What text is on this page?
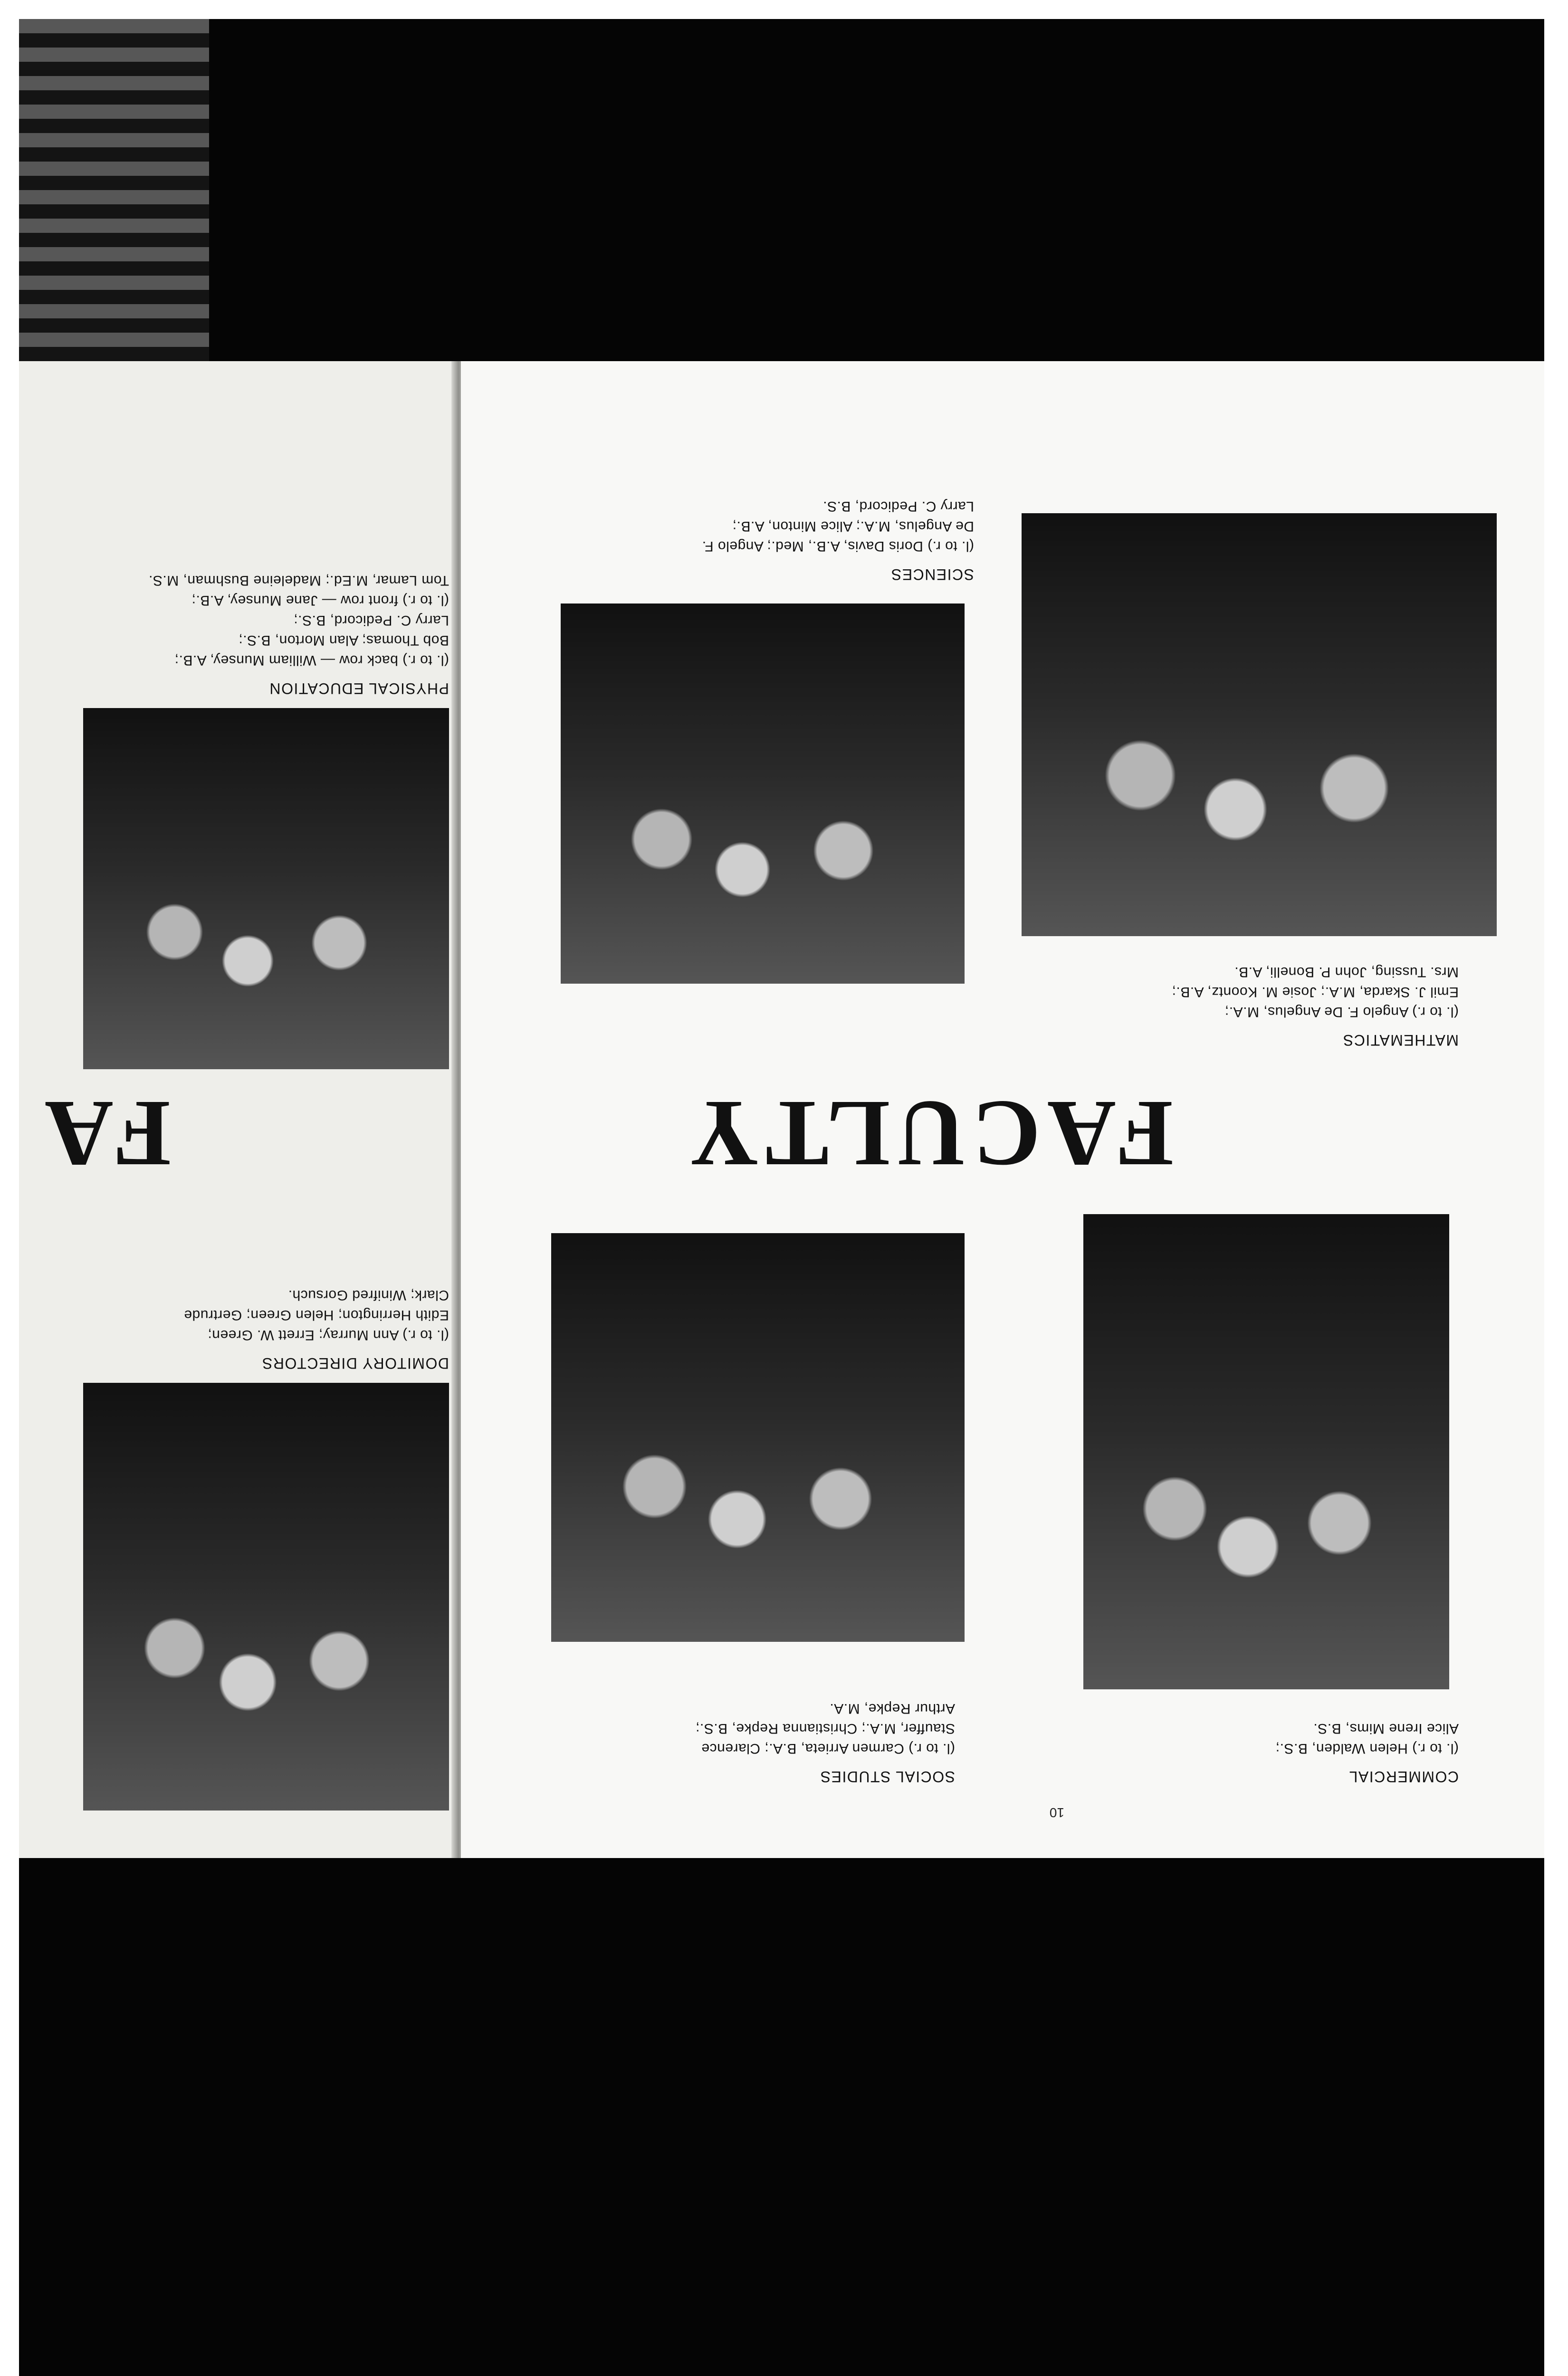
DOMITORY DIRECTORS
(l. to r.) Ann Murray; Errett W. Green;
Edith Herrington; Helen Green; Gertrude
Clark; Winifred Gorsuch.
FA
PHYSICAL EDUCATION
(l. to r.) back row — William Munsey, A.B.;
Bob Thomas; Alan Morton, B.S.;
Larry C. Pedicord, B.S.;
(l. to r.) front row — Jane Munsey, A.B.;
Tom Lamar, M.Ed.; Madeleine Bushman, M.S.
10
COMMERCIAL
(l. to r.) Helen Walden, B.S.;
Alice Irene Mims, B.S.
SOCIAL STUDIES
(l. to r.) Carmen Arrieta, B.A.; Clarence
Stauffer, M.A.; Christianna Repke, B.S.;
Arthur Repke, M.A.
FACULTY
MATHEMATICS
(l. to r.) Angelo F. De Angelus, M.A.;
Emil J. Skarda, M.A.; Josie M. Koontz, A.B.;
Mrs. Tussing, John P. Bonelli, A.B.
SCIENCES
(l. to r.) Doris Davis, A.B., Med.; Angelo F.
De Angelus, M.A.; Alice Minton, A.B.;
Larry C. Pedicord, B.S.
